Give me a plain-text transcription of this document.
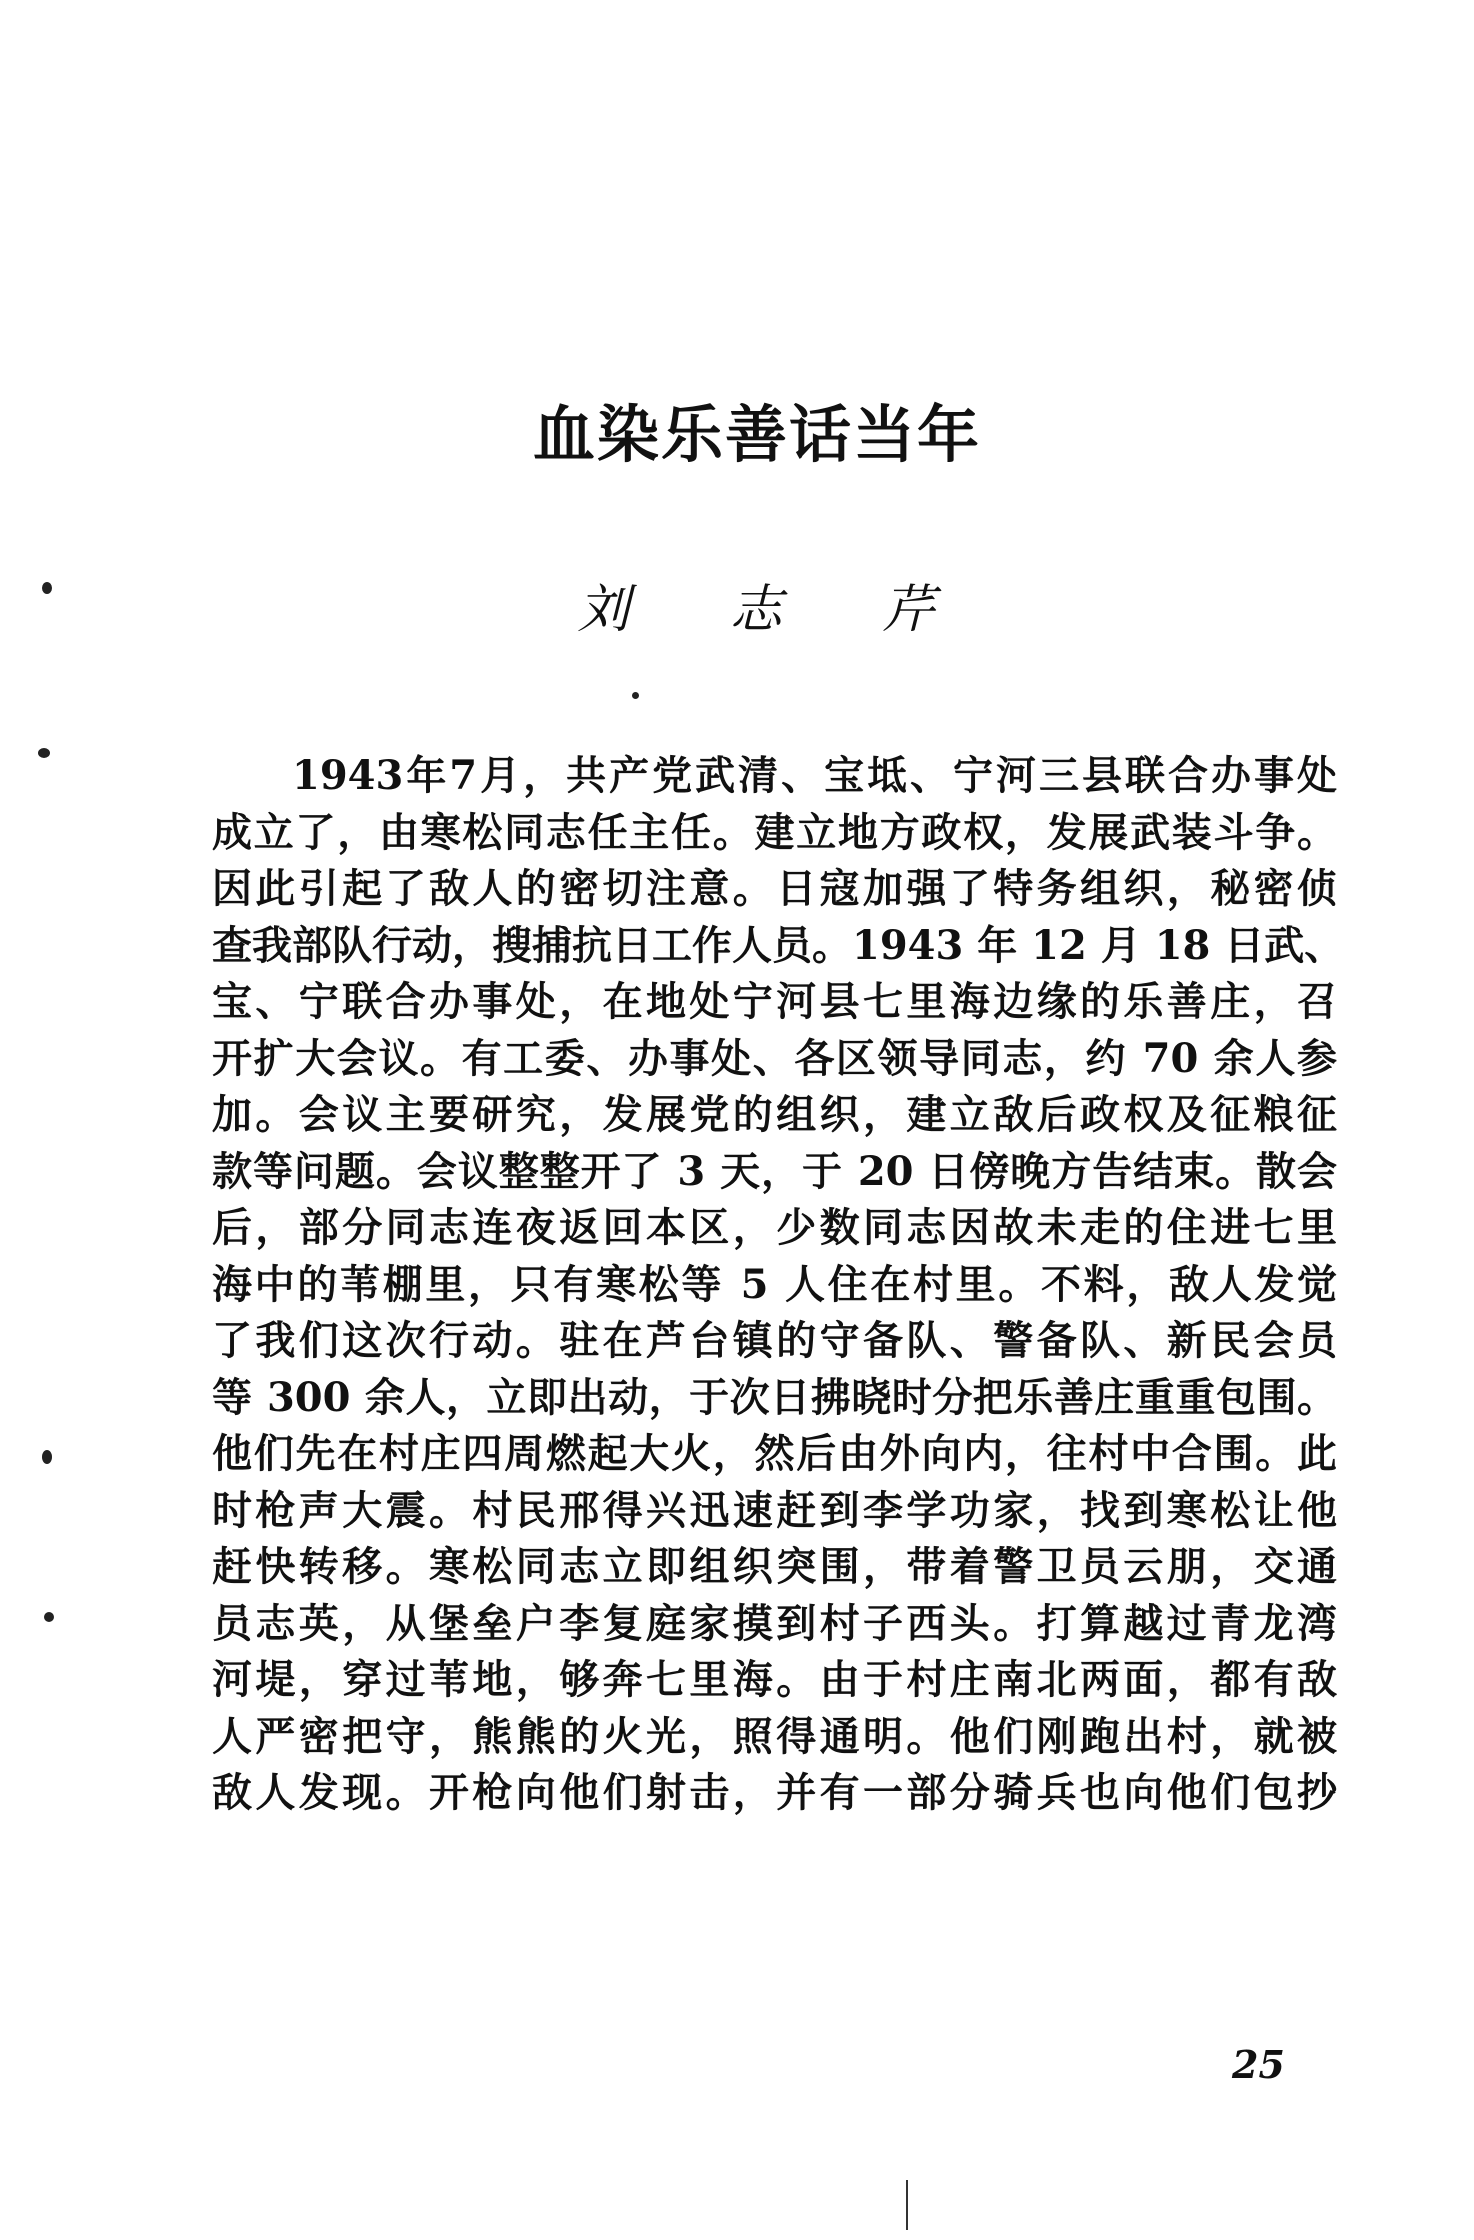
血染乐善话当年
刘 志 芹
1943年7月，共产党武清、宝坻、宁河三县联合办事处
成立了，由寒松同志任主任。建立地方政权，发展武装斗争。
因此引起了敌人的密切注意。日寇加强了特务组织，秘密侦
查我部队行动，搜捕抗日工作人员。1943 年 12 月 18 日武、
宝、宁联合办事处，在地处宁河县七里海边缘的乐善庄，召
开扩大会议。有工委、办事处、各区领导同志，约 70 余人参
加。会议主要研究，发展党的组织，建立敌后政权及征粮征
款等问题。会议整整开了 3 天，于 20 日傍晚方告结束。散会
后，部分同志连夜返回本区，少数同志因故未走的住进七里
海中的苇棚里，只有寒松等 5 人住在村里。不料，敌人发觉
了我们这次行动。驻在芦台镇的守备队、警备队、新民会员
等 300 余人，立即出动，于次日拂晓时分把乐善庄重重包围。
他们先在村庄四周燃起大火，然后由外向内，往村中合围。此
时枪声大震。村民邢得兴迅速赶到李学功家，找到寒松让他
赶快转移。寒松同志立即组织突围，带着警卫员云朋，交通
员志英，从堡垒户李复庭家摸到村子西头。打算越过青龙湾
河堤，穿过苇地，够奔七里海。由于村庄南北两面，都有敌
人严密把守，熊熊的火光，照得通明。他们刚跑出村，就被
敌人发现。开枪向他们射击，并有一部分骑兵也向他们包抄
25
